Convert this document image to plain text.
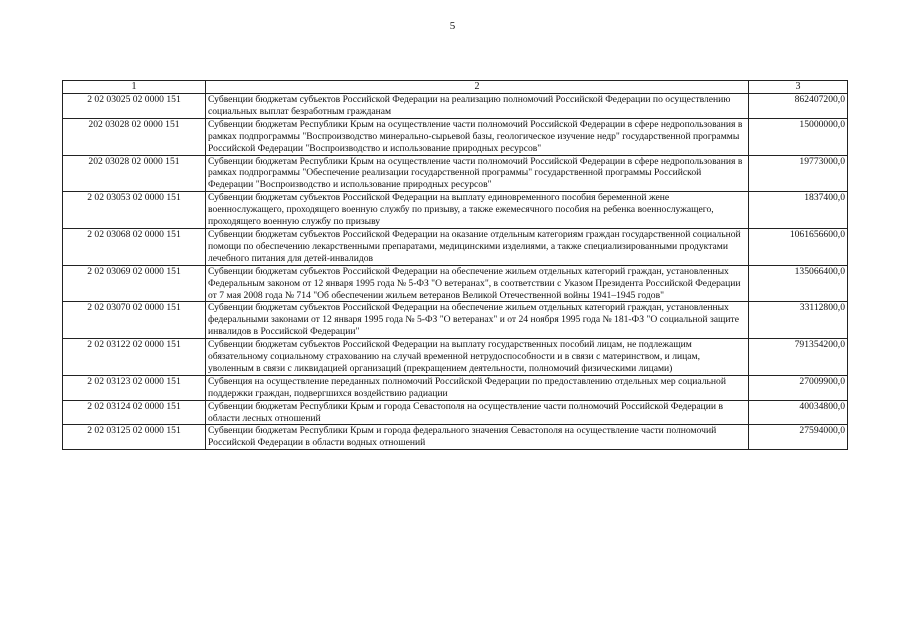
5
1	2	3
2 02 03025 02 0000 151	Субвенции бюджетам субъектов Российской Федерации на реализацию полномочий Российской Федерации по осуществлению социальных выплат безработным гражданам	862407200,0
202 03028 02 0000 151	Субвенции бюджетам Республики Крым на осуществление части полномочий Российской Федерации в сфере недропользования в рамках подпрограммы "Воспроизводство минерально-сырьевой базы, геологическое изучение недр" государственной программы Российской Федерации "Воспроизводство и использование природных ресурсов"	15000000,0
202 03028 02 0000 151	Субвенции бюджетам Республики Крым на осуществление части полномочий Российской Федерации в сфере недропользования в рамках подпрограммы "Обеспечение реализации государственной программы" государственной программы Российской Федерации "Воспроизводство и использование природных ресурсов"	19773000,0
2 02 03053 02 0000 151	Субвенции бюджетам субъектов Российской Федерации на выплату единовременного пособия беременной жене военнослужащего, проходящего военную службу по призыву, а также ежемесячного пособия на ребенка военнослужащего, проходящего военную службу по призыву	1837400,0
2 02 03068 02 0000 151	Субвенции бюджетам субъектов Российской Федерации на оказание отдельным категориям граждан государственной социальной помощи по обеспечению лекарственными препаратами, медицинскими изделиями, а также специализированными продуктами лечебного питания для детей-инвалидов	1061656600,0
2 02 03069 02 0000 151	Субвенции бюджетам субъектов Российской Федерации на обеспечение жильем отдельных категорий граждан, установленных Федеральным законом от 12 января 1995 года № 5-ФЗ "О ветеранах", в соответствии с Указом Президента Российской Федерации от 7 мая 2008 года № 714 "Об обеспечении жильем ветеранов Великой Отечественной войны 1941–1945 годов"	135066400,0
2 02 03070 02 0000 151	Субвенции бюджетам субъектов Российской Федерации на обеспечение жильем отдельных категорий граждан, установленных федеральными законами от 12 января 1995 года № 5-ФЗ "О ветеранах" и от 24 ноября 1995 года № 181-ФЗ "О социальной защите инвалидов в Российской Федерации"	33112800,0
2 02 03122 02 0000 151	Субвенции бюджетам субъектов Российской Федерации на выплату государственных пособий лицам, не подлежащим обязательному социальному страхованию на случай временной нетрудоспособности и в связи с материнством, и лицам, уволенным в связи с ликвидацией организаций (прекращением деятельности, полномочий физическими лицами)	791354200,0
2 02 03123 02 0000 151	Субвенция на осуществление переданных полномочий Российской Федерации по предоставлению отдельных мер социальной поддержки граждан, подвергшихся воздействию радиации	27009900,0
2 02 03124 02 0000 151	Субвенции бюджетам Республики Крым и города Севастополя на осуществление части полномочий Российской Федерации в области лесных отношений	40034800,0
2 02 03125 02 0000 151	Субвенции бюджетам Республики Крым и города федерального значения Севастополя на осуществление части полномочий Российской Федерации в области водных отношений	27594000,0
